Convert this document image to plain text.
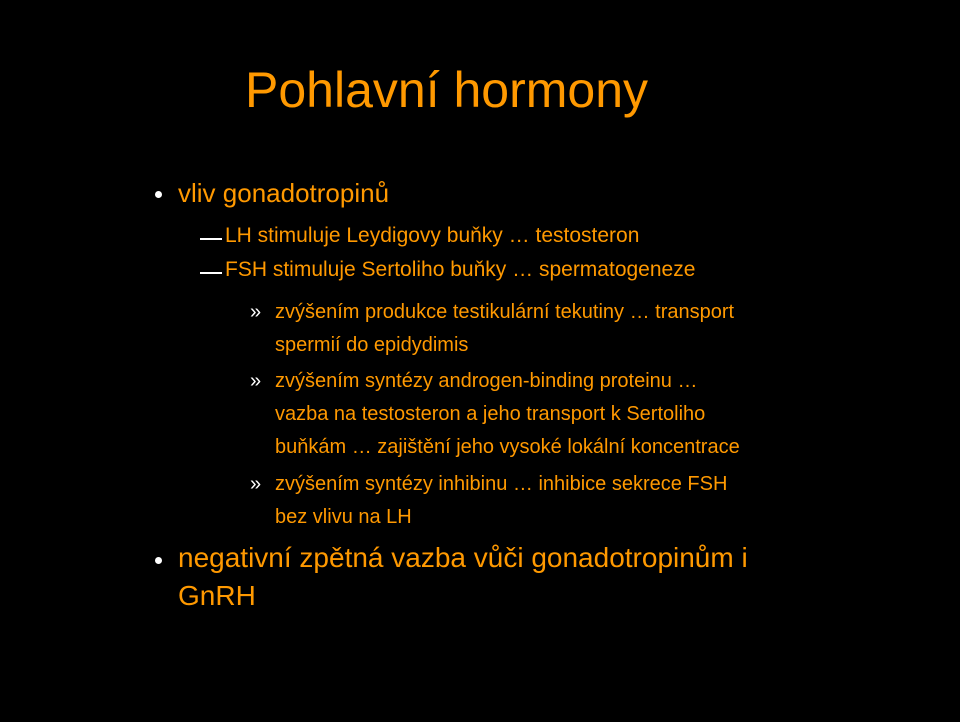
Pohlavní hormony

vliv gonadotropinů

LH stimuluje Leydigovy buňky … testosteron

FSH stimuluje Sertoliho buňky … spermatogeneze

» zvýšením produkce testikulární tekutiny … transport

spermií do epidydimis

» zvýšením syntézy androgen-binding proteinu …

vazba na testosteron a jeho transport k Sertoliho

buňkám … zajištění jeho vysoké lokální koncentrace

» zvýšením syntézy inhibinu … inhibice sekrece FSH

bez vlivu na LH

negativní zpětná vazba vůči gonadotropinům i

GnRH
